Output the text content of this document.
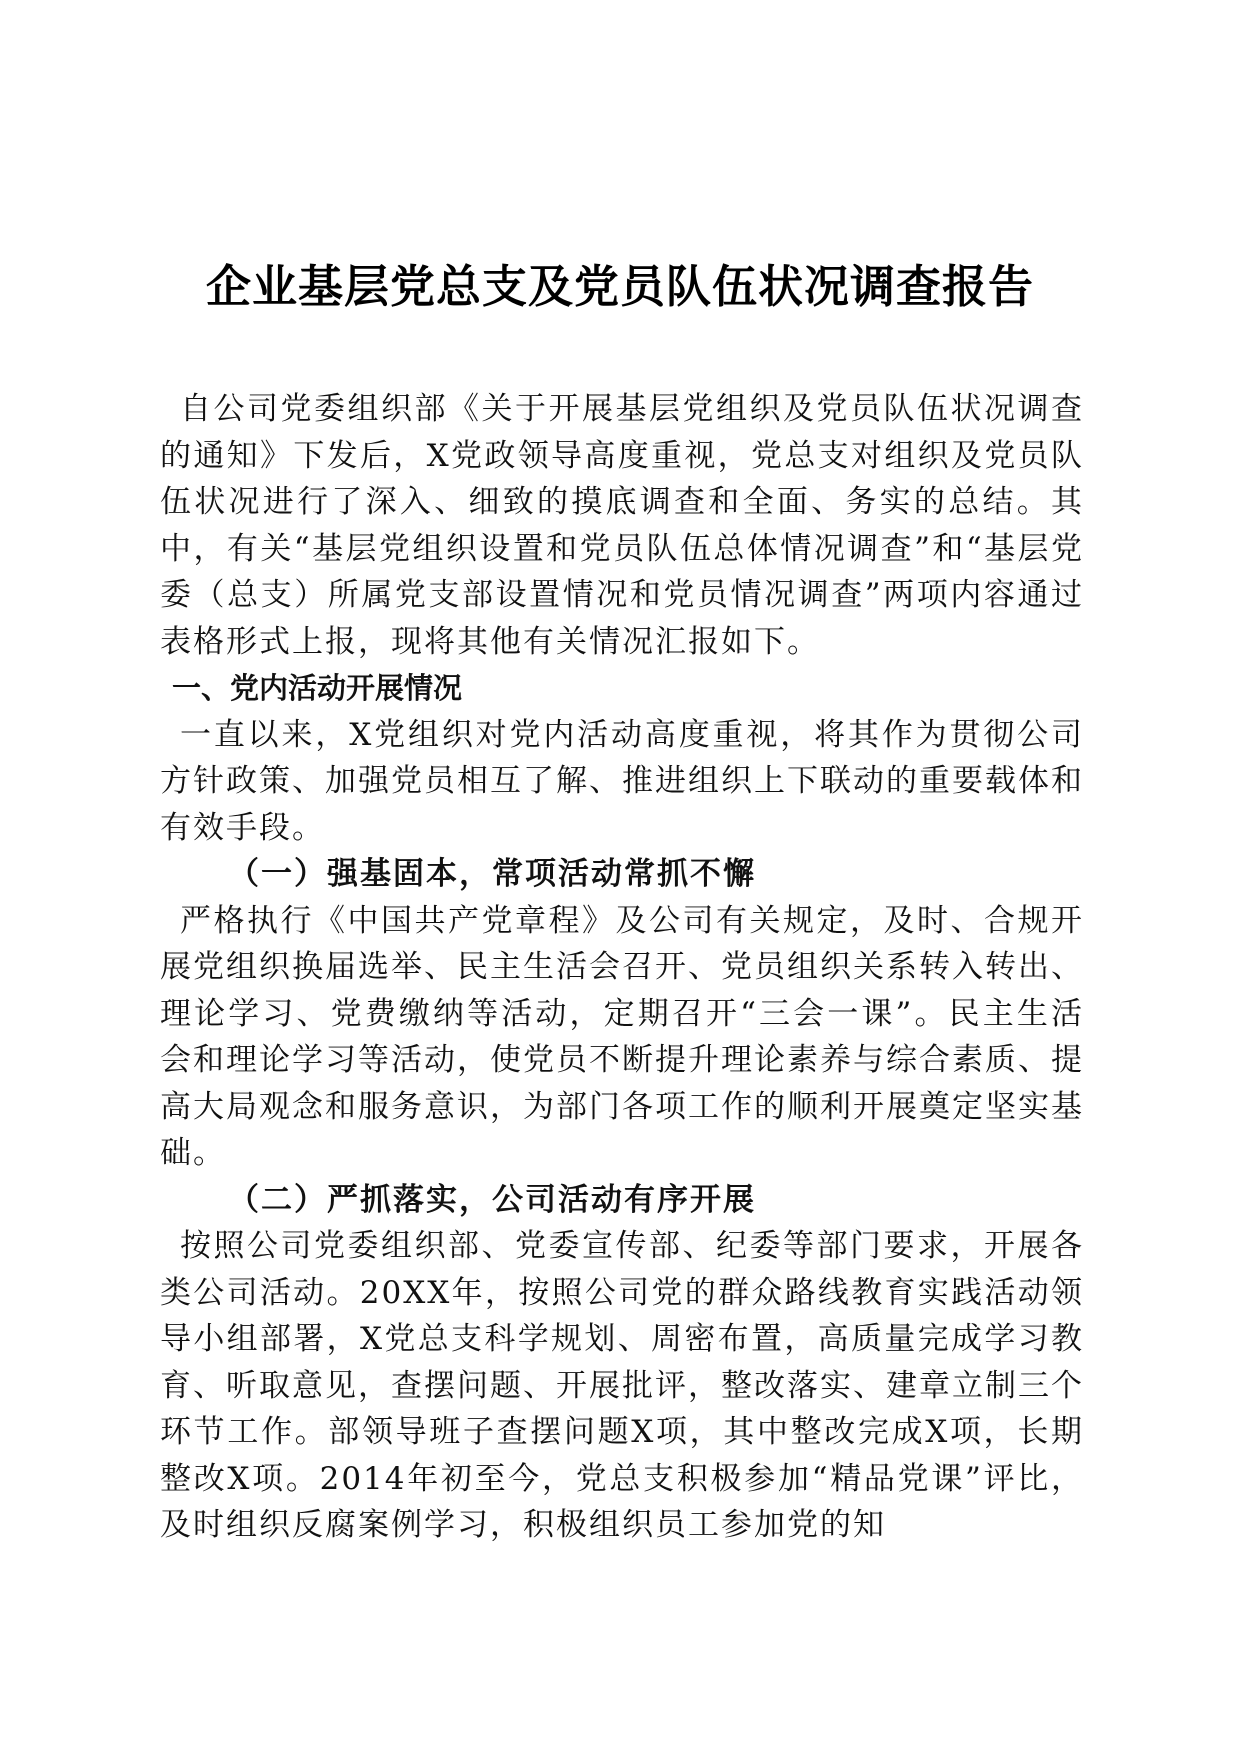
企业基层党总支及党员队伍状况调查报告

自公司党委组织部《关于开展基层党组织及党员队伍状况调查的通知》下发后，X党政领导高度重视，党总支对组织及党员队伍状况进行了深入、细致的摸底调查和全面、务实的总结。其中，有关“基层党组织设置和党员队伍总体情况调查”和“基层党委（总支）所属党支部设置情况和党员情况调查”两项内容通过表格形式上报，现将其他有关情况汇报如下。

一、党内活动开展情况

一直以来，X党组织对党内活动高度重视，将其作为贯彻公司方针政策、加强党员相互了解、推进组织上下联动的重要载体和有效手段。

（一）强基固本，常项活动常抓不懈

严格执行《中国共产党章程》及公司有关规定，及时、合规开展党组织换届选举、民主生活会召开、党员组织关系转入转出、理论学习、党费缴纳等活动，定期召开“三会一课”。民主生活会和理论学习等活动，使党员不断提升理论素养与综合素质、提高大局观念和服务意识，为部门各项工作的顺利开展奠定坚实基础。

（二）严抓落实，公司活动有序开展

按照公司党委组织部、党委宣传部、纪委等部门要求，开展各类公司活动。20XX年，按照公司党的群众路线教育实践活动领导小组部署，X党总支科学规划、周密布置，高质量完成学习教育、听取意见，查摆问题、开展批评，整改落实、建章立制三个环节工作。部领导班子查摆问题X项，其中整改完成X项，长期整改X项。2014年初至今，党总支积极参加“精品党课”评比，及时组织反腐案例学习，积极组织员工参加党的知
